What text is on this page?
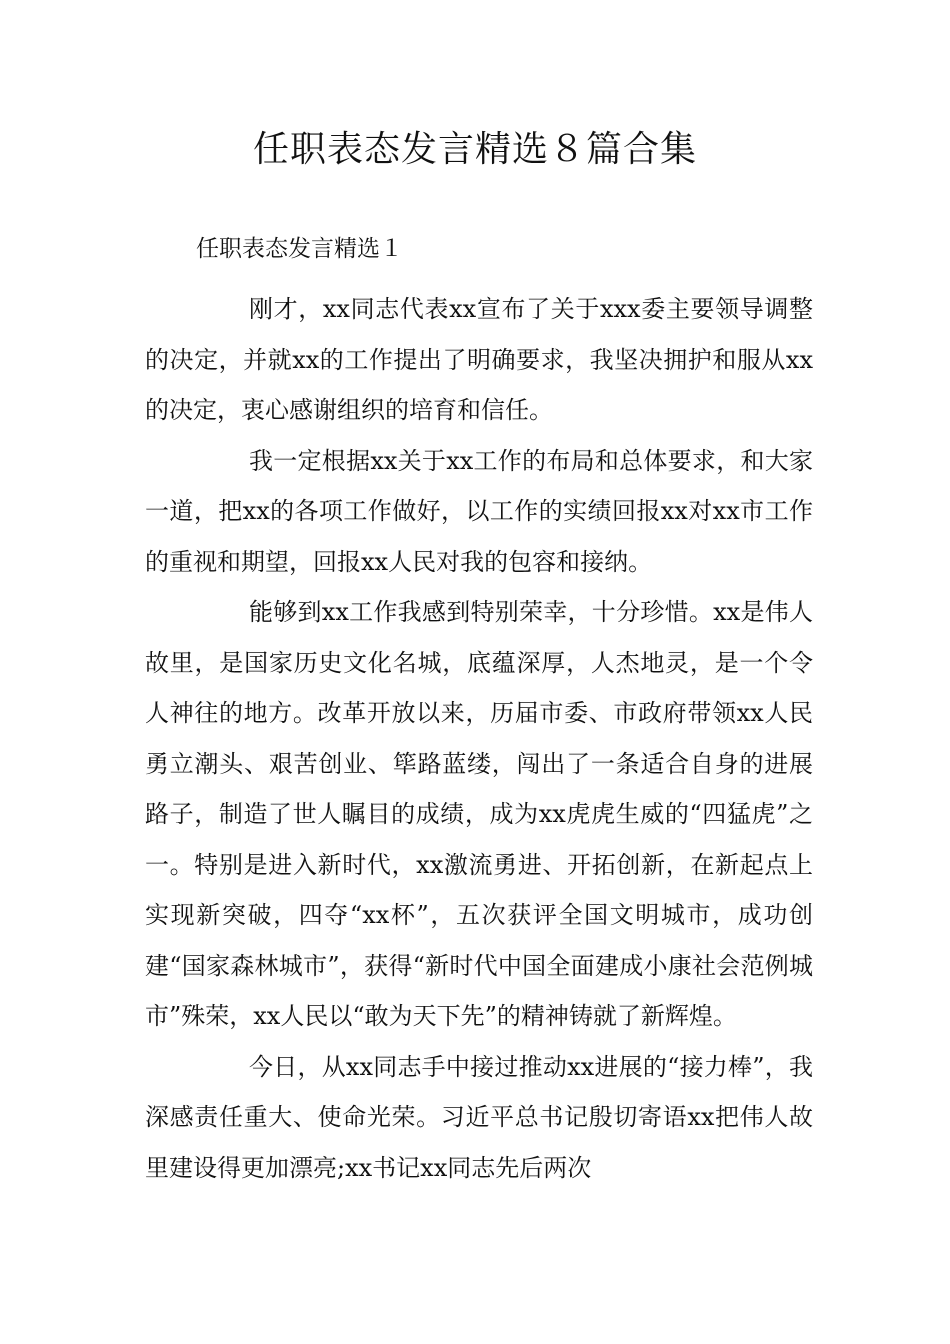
任职表态发言精选８篇合集

任职表态发言精选１

刚才，xx同志代表xx宣布了关于xxx委主要领导调整的决定，并就xx的工作提出了明确要求，我坚决拥护和服从xx的决定，衷心感谢组织的培育和信任。

我一定根据xx关于xx工作的布局和总体要求，和大家一道，把xx的各项工作做好，以工作的实绩回报xx对xx市工作的重视和期望，回报xx人民对我的包容和接纳。

能够到xx工作我感到特别荣幸，十分珍惜。xx是伟人故里，是国家历史文化名城，底蕴深厚，人杰地灵，是一个令人神往的地方。改革开放以来，历届市委、市政府带领xx人民勇立潮头、艰苦创业、筚路蓝缕，闯出了一条适合自身的进展路子，制造了世人瞩目的成绩，成为xx虎虎生威的“四猛虎”之一。特别是进入新时代，xx激流勇进、开拓创新，在新起点上实现新突破，四夺“xx杯”，五次获评全国文明城市，成功创建“国家森林城市”，获得“新时代中国全面建成小康社会范例城市”殊荣，xx人民以“敢为天下先”的精神铸就了新辉煌。

今日，从xx同志手中接过推动xx进展的“接力棒”，我深感责任重大、使命光荣。习近平总书记殷切寄语xx把伟人故里建设得更加漂亮;xx书记xx同志先后两次
